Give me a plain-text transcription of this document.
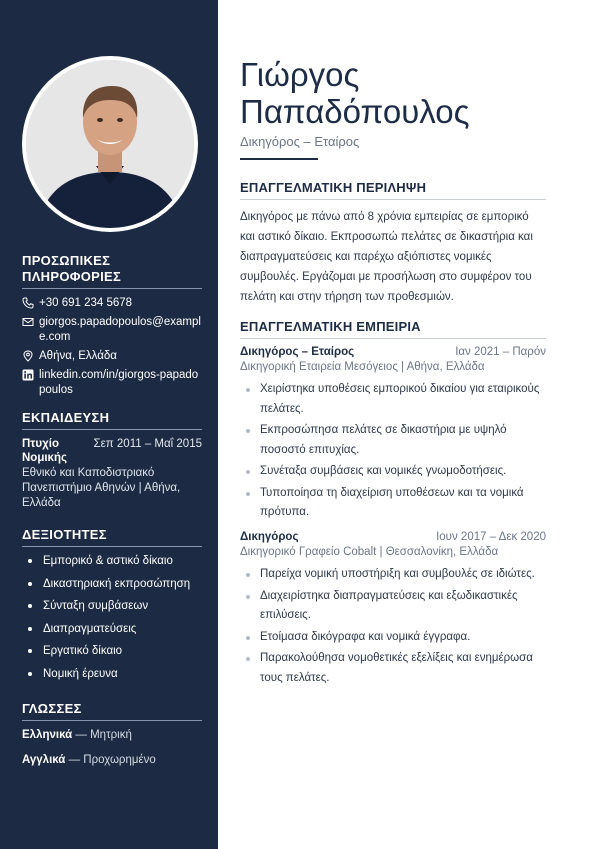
ΠΡΟΣΩΠΙΚΕΣ ΠΛΗΡΟΦΟΡΙΕΣ
+30 691 234 5678
giorgos.papadopoulos@example.com
Αθήνα, Ελλάδα
linkedin.com/in/giorgos-papadopoulos
ΕΚΠΑΙΔΕΥΣΗ
Πτυχίο Νομικής
Σεπ 2011 – Μαΐ 2015
Εθνικό και Καποδιστριακό Πανεπιστήμιο Αθηνών | Αθήνα, Ελλάδα
ΔΕΞΙΟΤΗΤΕΣ
Εμπορικό & αστικό δίκαιο
Δικαστηριακή εκπροσώπηση
Σύνταξη συμβάσεων
Διαπραγματεύσεις
Εργατικό δίκαιο
Νομική έρευνα
ΓΛΩΣΣΕΣ
Ελληνικά — Μητρική
Αγγλικά — Προχωρημένο
Γιώργος
Παπαδόπουλος
Δικηγόρος – Εταίρος
ΕΠΑΓΓΕΛΜΑΤΙΚΗ ΠΕΡΙΛΗΨΗ
Δικηγόρος με πάνω από 8 χρόνια εμπειρίας σε εμπορικό και αστικό δίκαιο. Εκπροσωπώ πελάτες σε δικαστήρια και διαπραγματεύσεις και παρέχω αξιόπιστες νομικές συμβουλές. Εργάζομαι με προσήλωση στο συμφέρον του πελάτη και στην τήρηση των προθεσμιών.
ΕΠΑΓΓΕΛΜΑΤΙΚΗ ΕΜΠΕΙΡΙΑ
Δικηγόρος – Εταίρος	Ιαν 2021 – Παρόν
Δικηγορική Εταιρεία Μεσόγειος | Αθήνα, Ελλάδα
Χειρίστηκα υποθέσεις εμπορικού δικαίου για εταιρικούς πελάτες.
Εκπροσώπησα πελάτες σε δικαστήρια με υψηλό ποσοστό επιτυχίας.
Συνέταξα συμβάσεις και νομικές γνωμοδοτήσεις.
Τυποποίησα τη διαχείριση υποθέσεων και τα νομικά πρότυπα.
Δικηγόρος	Ιουν 2017 – Δεκ 2020
Δικηγορικό Γραφείο Cobalt | Θεσσαλονίκη, Ελλάδα
Παρείχα νομική υποστήριξη και συμβουλές σε ιδιώτες.
Διαχειρίστηκα διαπραγματεύσεις και εξωδικαστικές επιλύσεις.
Ετοίμασα δικόγραφα και νομικά έγγραφα.
Παρακολούθησα νομοθετικές εξελίξεις και ενημέρωσα τους πελάτες.
